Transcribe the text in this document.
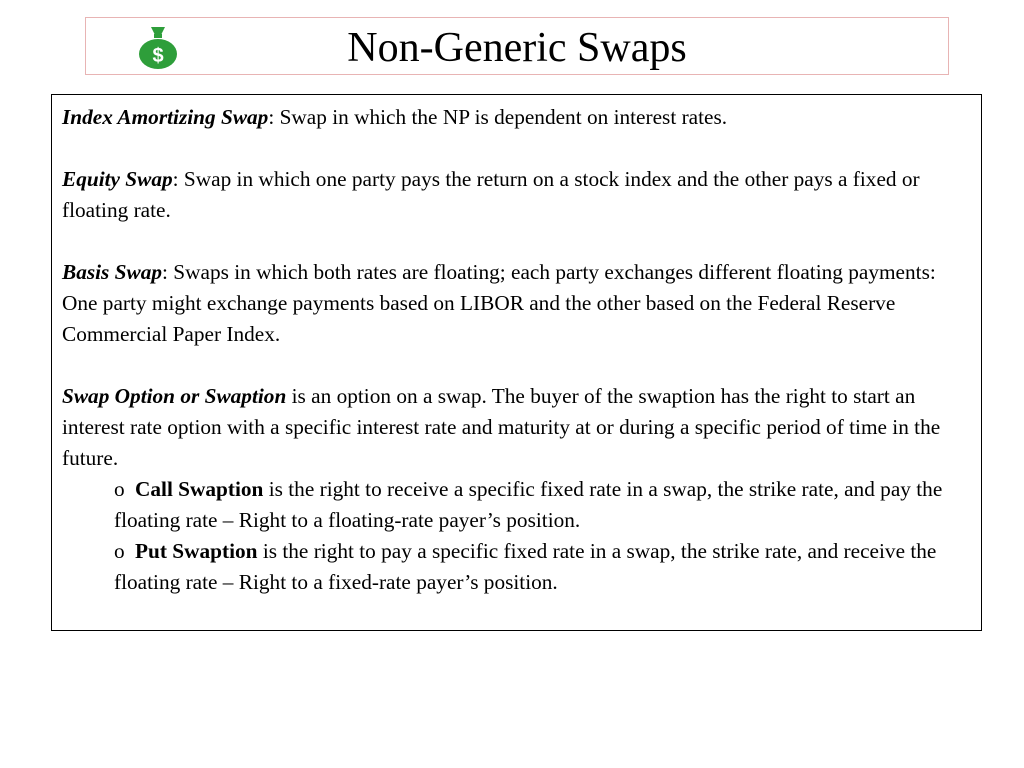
$	Non-Generic Swaps

Index Amortizing Swap: Swap in which the NP is dependent on interest rates.

Equity Swap: Swap in which one party pays the return on a stock index and the other pays a fixed or floating rate.

Basis Swap: Swaps in which both rates are floating; each party exchanges different floating payments: One party might exchange payments based on LIBOR and the other based on the Federal Reserve Commercial Paper Index.

Swap Option or Swaption is an option on a swap. The buyer of the swaption has the right to start an interest rate option with a specific interest rate and maturity at or during a specific period of time in the future.

o Call Swaption is the right to receive a specific fixed rate in a swap, the strike rate, and pay the floating rate – Right to a floating-rate payer’s position.
o Put Swaption is the right to pay a specific fixed rate in a swap, the strike rate, and receive the floating rate – Right to a fixed-rate payer’s position.
